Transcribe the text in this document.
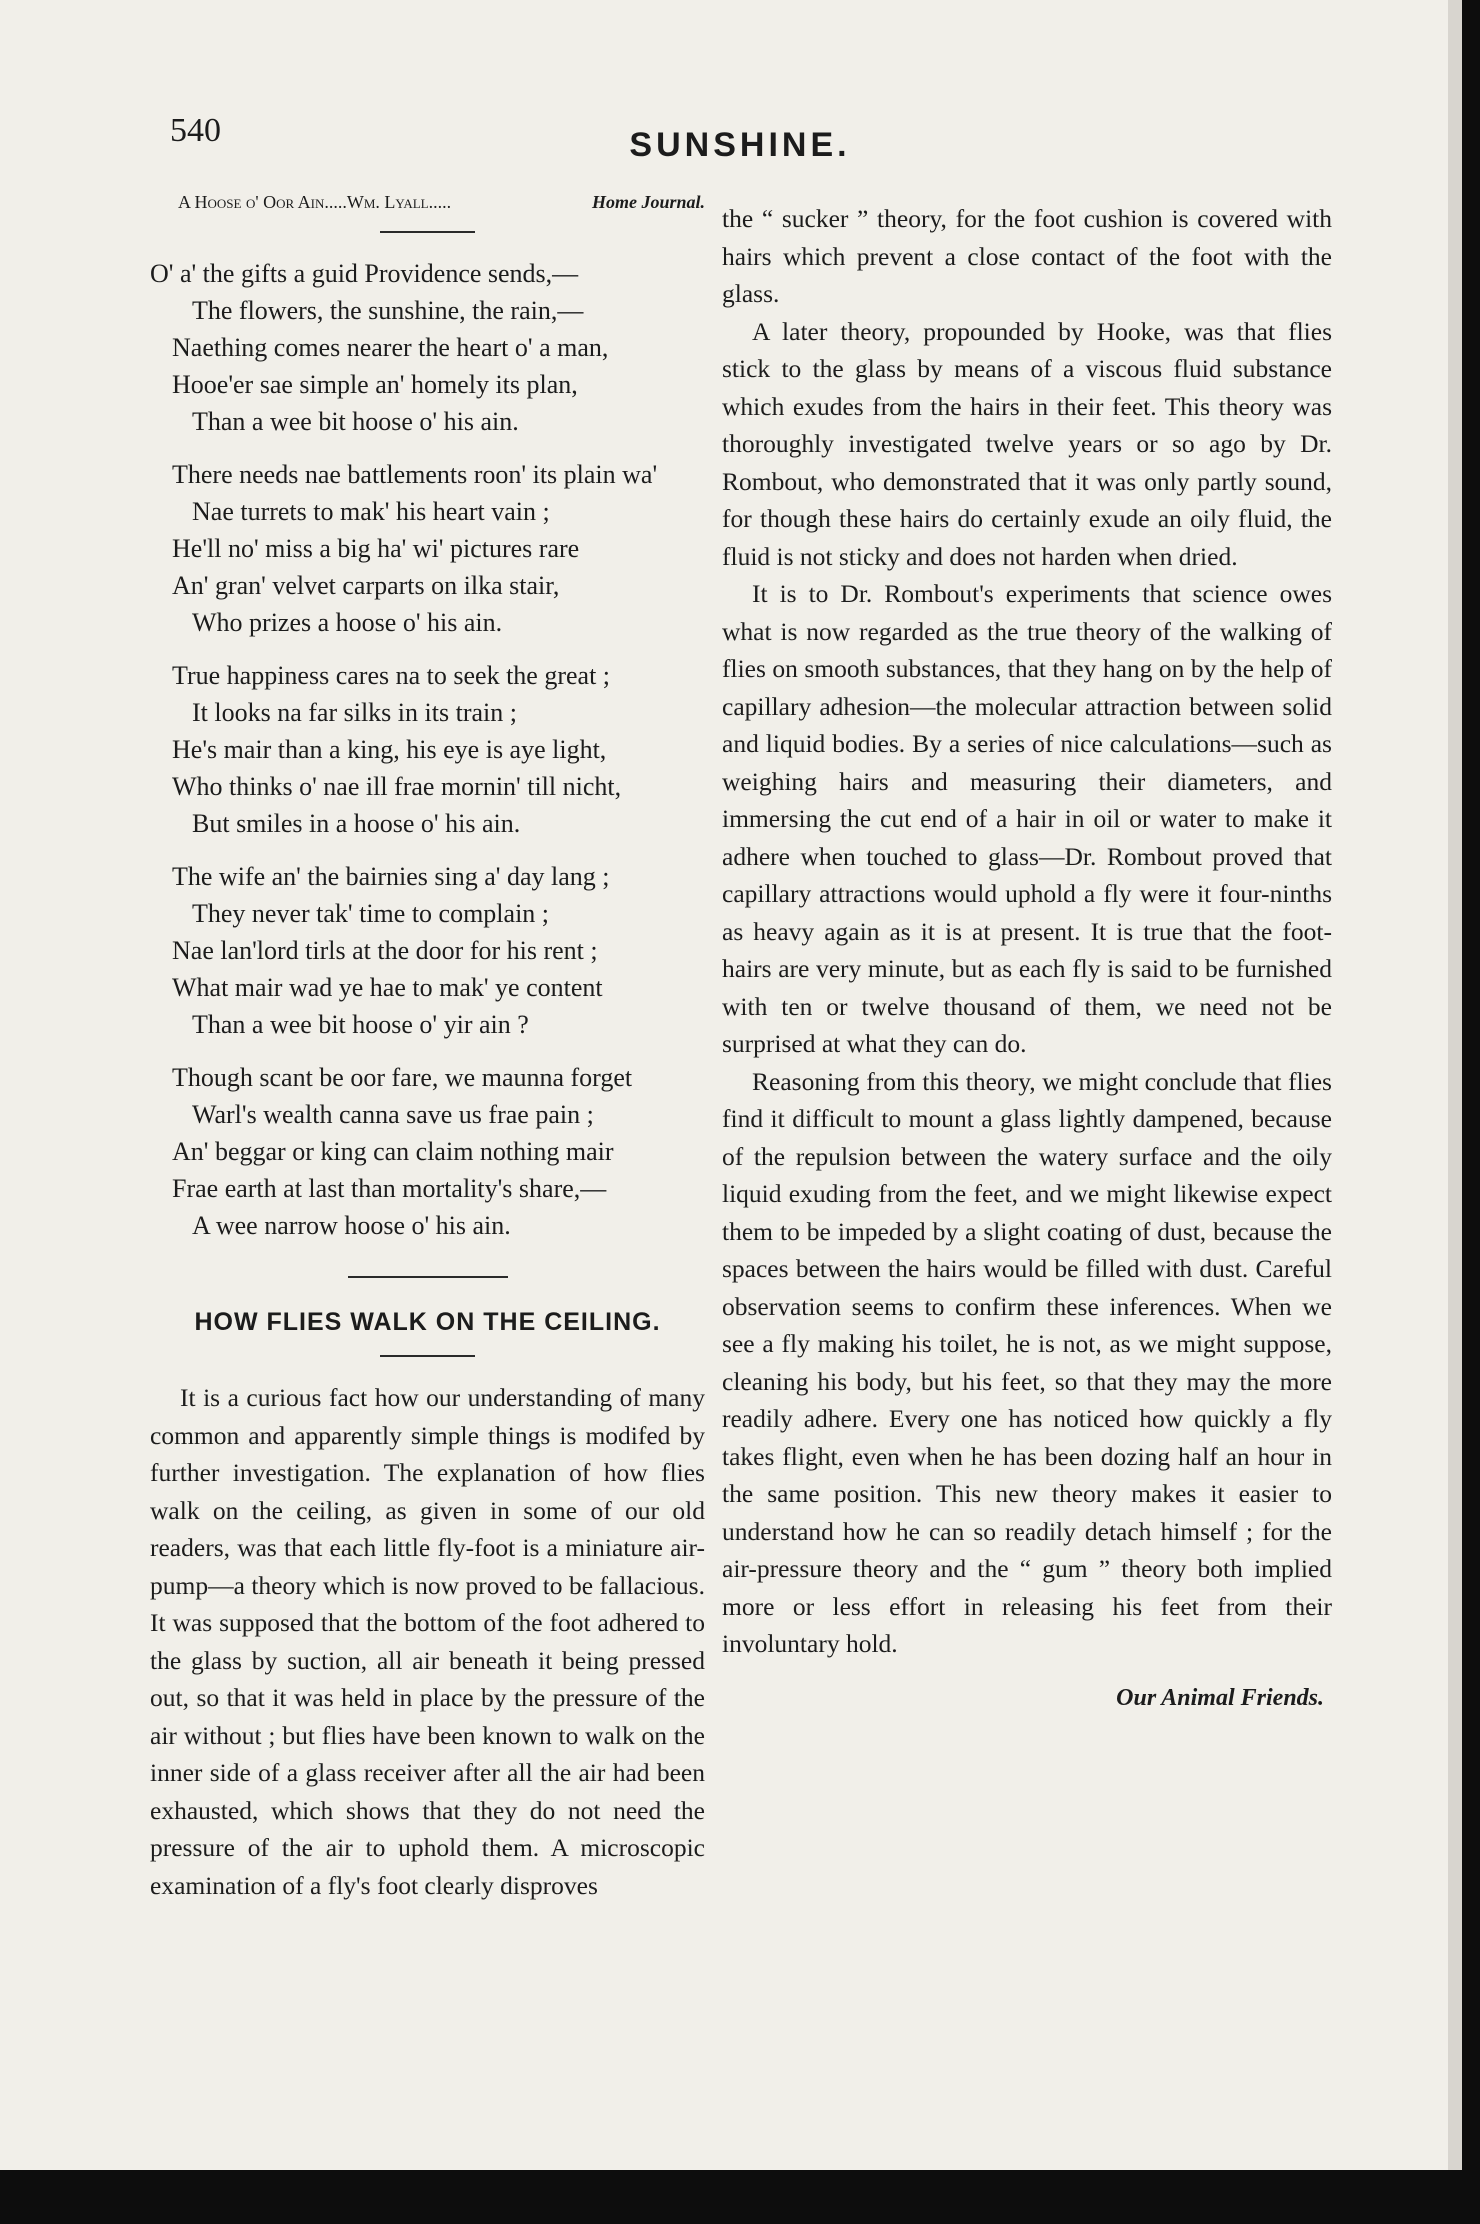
540	SUNSHINE.
A Hoose o' Oor Ain.....Wm. Lyall.....	Home Journal.
O' a' the gifts a guid Providence sends,—
The flowers, the sunshine, the rain,—
Naething comes nearer the heart o' a man,
Hooe'er sae simple an' homely its plan,
Than a wee bit hoose o' his ain.
There needs nae battlements roon' its plain wa'
Nae turrets to mak' his heart vain ;
He'll no' miss a big ha' wi' pictures rare
An' gran' velvet carparts on ilka stair,
Who prizes a hoose o' his ain.
True happiness cares na to seek the great ;
It looks na far silks in its train ;
He's mair than a king, his eye is aye light,
Who thinks o' nae ill frae mornin' till nicht,
But smiles in a hoose o' his ain.
The wife an' the bairnies sing a' day lang ;
They never tak' time to complain ;
Nae lan'lord tirls at the door for his rent ;
What mair wad ye hae to mak' ye content
Than a wee bit hoose o' yir ain ?
Though scant be oor fare, we maunna forget
Warl's wealth canna save us frae pain ;
An' beggar or king can claim nothing mair
Frae earth at last than mortality's share,—
A wee narrow hoose o' his ain.
HOW FLIES WALK ON THE CEILING.

It is a curious fact how our understanding of many common and apparently simple things is modifed by further investigation. The explanation of how flies walk on the ceiling, as given in some of our old readers, was that each little fly-foot is a miniature air-pump—a theory which is now proved to be fallacious. It was supposed that the bottom of the foot adhered to the glass by suction, all air beneath it being pressed out, so that it was held in place by the pressure of the air without ; but flies have been known to walk on the inner side of a glass receiver after all the air had been exhausted, which shows that they do not need the pressure of the air to uphold them. A microscopic examination of a fly's foot clearly disproves

the “ sucker ” theory, for the foot cushion is covered with hairs which prevent a close contact of the foot with the glass.

A later theory, propounded by Hooke, was that flies stick to the glass by means of a viscous fluid substance which exudes from the hairs in their feet. This theory was thoroughly investigated twelve years or so ago by Dr. Rombout, who demonstrated that it was only partly sound, for though these hairs do certainly exude an oily fluid, the fluid is not sticky and does not harden when dried.

It is to Dr. Rombout's experiments that science owes what is now regarded as the true theory of the walking of flies on smooth substances, that they hang on by the help of capillary adhesion—the molecular attraction between solid and liquid bodies. By a series of nice calculations—such as weighing hairs and measuring their diameters, and immersing the cut end of a hair in oil or water to make it adhere when touched to glass—Dr. Rombout proved that capillary attractions would uphold a fly were it four-ninths as heavy again as it is at present. It is true that the foot-hairs are very minute, but as each fly is said to be furnished with ten or twelve thousand of them, we need not be surprised at what they can do.

Reasoning from this theory, we might conclude that flies find it difficult to mount a glass lightly dampened, because of the repulsion between the watery surface and the oily liquid exuding from the feet, and we might likewise expect them to be impeded by a slight coating of dust, because the spaces between the hairs would be filled with dust. Careful observation seems to confirm these inferences. When we see a fly making his toilet, he is not, as we might suppose, cleaning his body, but his feet, so that they may the more readily adhere. Every one has noticed how quickly a fly takes flight, even when he has been dozing half an hour in the same position. This new theory makes it easier to understand how he can so readily detach himself ; for the air-pressure theory and the “ gum ” theory both implied more or less effort in releasing his feet from their involuntary hold.

Our Animal Friends.
